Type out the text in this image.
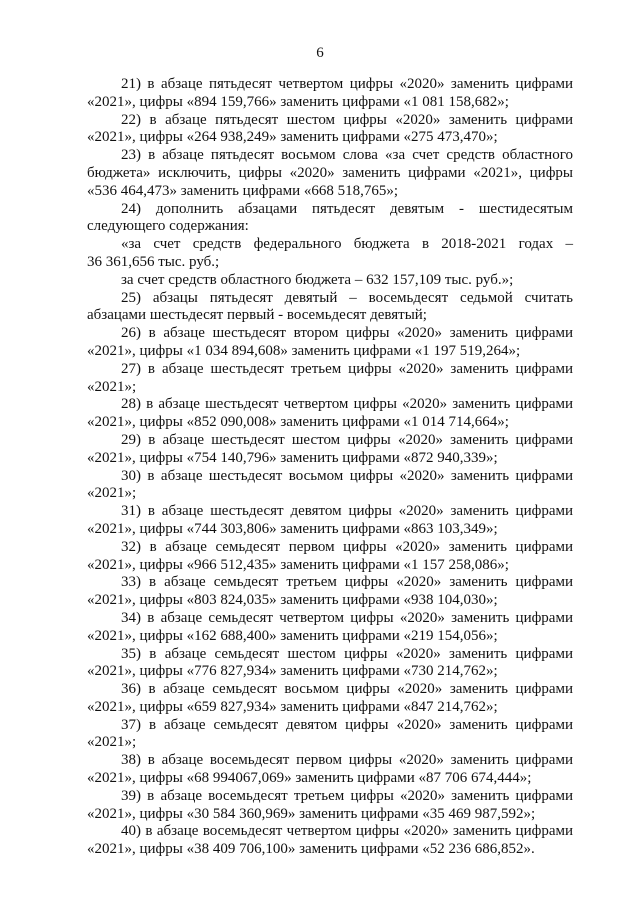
6

21) в абзаце пятьдесят четвертом цифры «2020» заменить цифрами
«2021», цифры «894 159,766» заменить цифрами «1 081 158,682»;

22) в абзаце пятьдесят шестом цифры «2020» заменить цифрами
«2021», цифры «264 938,249» заменить цифрами «275 473,470»;

23) в абзаце пятьдесят восьмом слова «за счет средств областного
бюджета» исключить, цифры «2020» заменить цифрами «2021», цифры
«536 464,473» заменить цифрами «668 518,765»;

24) дополнить абзацами пятьдесят девятым - шестидесятым
следующего содержания:

«за счет средств федерального бюджета в 2018-2021 годах –
36 361,656 тыс. руб.;

за счет средств областного бюджета – 632 157,109 тыс. руб.»;

25) абзацы пятьдесят девятый – восемьдесят седьмой считать
абзацами шестьдесят первый - восемьдесят девятый;

26) в абзаце шестьдесят втором цифры «2020» заменить цифрами
«2021», цифры «1 034 894,608» заменить цифрами «1 197 519,264»;

27) в абзаце шестьдесят третьем цифры «2020» заменить цифрами
«2021»;

28) в абзаце шестьдесят четвертом цифры «2020» заменить цифрами
«2021», цифры «852 090,008» заменить цифрами «1 014 714,664»;

29) в абзаце шестьдесят шестом цифры «2020» заменить цифрами
«2021», цифры «754 140,796» заменить цифрами «872 940,339»;

30) в абзаце шестьдесят восьмом цифры «2020» заменить цифрами
«2021»;

31) в абзаце шестьдесят девятом цифры «2020» заменить цифрами
«2021», цифры «744 303,806» заменить цифрами «863 103,349»;

32) в абзаце семьдесят первом цифры «2020» заменить цифрами
«2021», цифры «966 512,435» заменить цифрами «1 157 258,086»;

33) в абзаце семьдесят третьем цифры «2020» заменить цифрами
«2021», цифры «803 824,035» заменить цифрами «938 104,030»;

34) в абзаце семьдесят четвертом цифры «2020» заменить цифрами
«2021», цифры «162 688,400» заменить цифрами «219 154,056»;

35) в абзаце семьдесят шестом цифры «2020» заменить цифрами
«2021», цифры «776 827,934» заменить цифрами «730 214,762»;

36) в абзаце семьдесят восьмом цифры «2020» заменить цифрами
«2021», цифры «659 827,934» заменить цифрами «847 214,762»;

37) в абзаце семьдесят девятом цифры «2020» заменить цифрами
«2021»;

38) в абзаце восемьдесят первом цифры «2020» заменить цифрами
«2021», цифры «68 994067,069» заменить цифрами «87 706 674,444»;

39) в абзаце восемьдесят третьем цифры «2020» заменить цифрами
«2021», цифры «30 584 360,969» заменить цифрами «35 469 987,592»;

40) в абзаце восемьдесят четвертом цифры «2020» заменить цифрами
«2021», цифры «38 409 706,100» заменить цифрами «52 236 686,852».
